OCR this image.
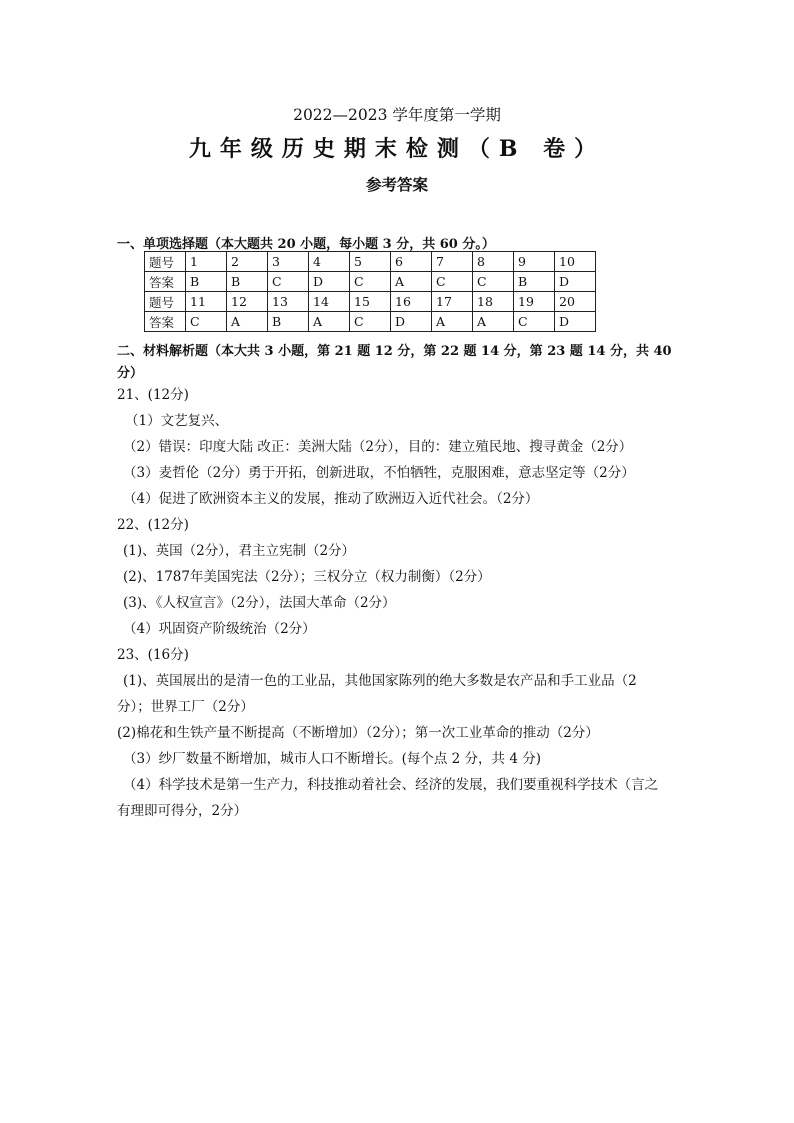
2022—2023 学年度第一学期
九年级历史期末检测（B 卷）
参考答案
一、单项选择题（本大题共 20 小题，每小题 3 分，共 60 分。）
题号	1	2	3	4	5	6	7	8	9	10
答案	B	B	C	D	C	A	C	C	B	D
题号	11	12	13	14	15	16	17	18	19	20
答案	C	A	B	A	C	D	A	A	C	D
二、材料解析题（本大共 3 小题，第 21 题 12 分，第 22 题 14 分，第 23 题 14 分，共 40
分）
21、(12分)
（1）文艺复兴、
（2）错误：印度大陆 改正：美洲大陆（2分），目的：建立殖民地、搜寻黄金（2分）
（3）麦哲伦（2分）勇于开拓，创新进取，不怕牺牲，克服困难，意志坚定等（2分）
（4）促进了欧洲资本主义的发展，推动了欧洲迈入近代社会。（2分）
22、(12分)
(1)、英国（2分），君主立宪制（2分）
(2)、1787年美国宪法（2分）；三权分立（权力制衡）（2分）
(3)、《人权宣言》（2分），法国大革命（2分）
（4）巩固资产阶级统治（2分）
23、(16分)
(1)、英国展出的是清一色的工业品，其他国家陈列的绝大多数是农产品和手工业品（2
分）；世界工厂（2分）
(2)棉花和生铁产量不断提高（不断增加）（2分）；第一次工业革命的推动（2分）
（3）纱厂数量不断增加，城市人口不断增长。(每个点 2 分，共 4 分)
（4）科学技术是第一生产力，科技推动着社会、经济的发展，我们要重视科学技术（言之
有理即可得分，2分）
